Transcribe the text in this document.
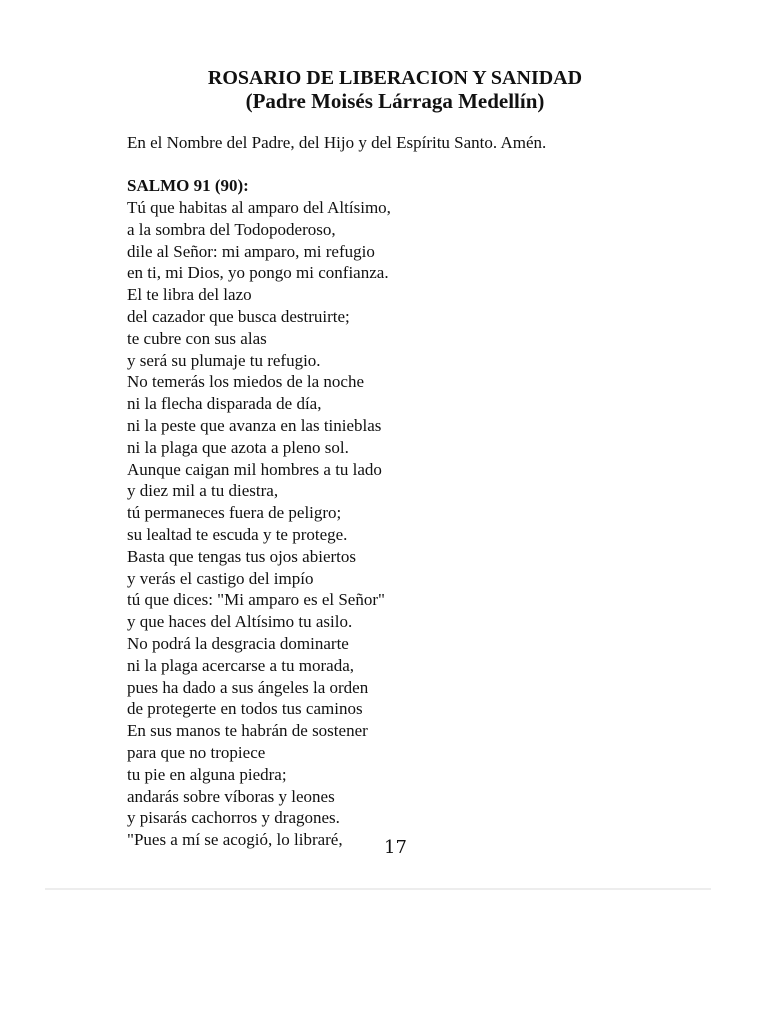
ROSARIO DE LIBERACION Y SANIDAD
(Padre Moisés Lárraga Medellín)

En el Nombre del Padre, del Hijo y del Espíritu Santo. Amén.

SALMO 91 (90):
Tú que habitas al amparo del Altísimo,
a la sombra del Todopoderoso,
dile al Señor: mi amparo, mi refugio
en ti, mi Dios, yo pongo mi confianza.
El te libra del lazo
del cazador que busca destruirte;
te cubre con sus alas
y será su plumaje tu refugio.
No temerás los miedos de la noche
ni la flecha disparada de día,
ni la peste que avanza en las tinieblas
ni la plaga que azota a pleno sol.
Aunque caigan mil hombres a tu lado
y diez mil a tu diestra,
tú permaneces fuera de peligro;
su lealtad te escuda y te protege.
Basta que tengas tus ojos abiertos
y verás el castigo del impío
tú que dices: "Mi amparo es el Señor"
y que haces del Altísimo tu asilo.
No podrá la desgracia dominarte
ni la plaga acercarse a tu morada,
pues ha dado a sus ángeles la orden
de protegerte en todos tus caminos
En sus manos te habrán de sostener
para que no tropiece
tu pie en alguna piedra;
andarás sobre víboras y leones
y pisarás cachorros y dragones.
"Pues a mí se acogió, lo libraré,	17
